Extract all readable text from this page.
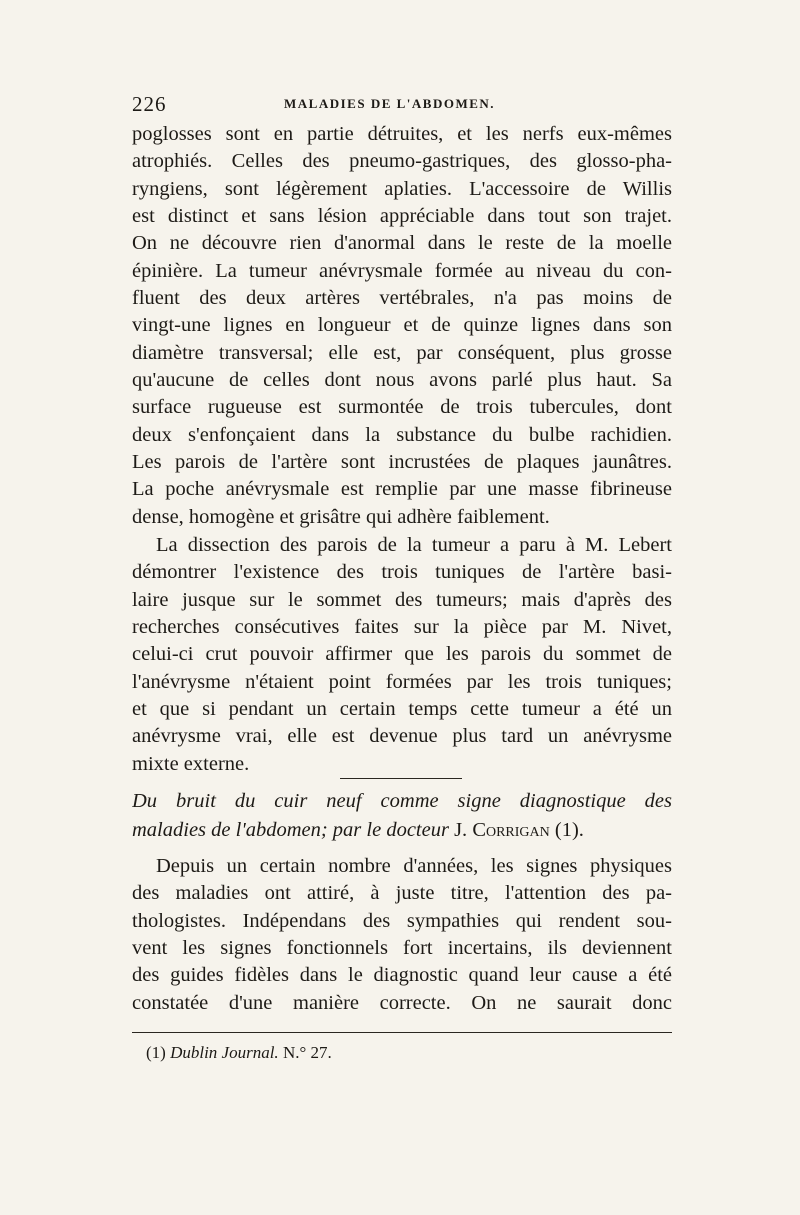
226	MALADIES DE L'ABDOMEN.
poglosses sont en partie détruites, et les nerfs eux-mêmes
atrophiés. Celles des pneumo-gastriques, des glosso-pha-
ryngiens, sont légèrement aplaties. L'accessoire de Willis
est distinct et sans lésion appréciable dans tout son trajet.
On ne découvre rien d'anormal dans le reste de la moelle
épinière. La tumeur anévrysmale formée au niveau du con-
fluent des deux artères vertébrales, n'a pas moins de
vingt-une lignes en longueur et de quinze lignes dans son
diamètre transversal; elle est, par conséquent, plus grosse
qu'aucune de celles dont nous avons parlé plus haut. Sa
surface rugueuse est surmontée de trois tubercules, dont
deux s'enfonçaient dans la substance du bulbe rachidien.
Les parois de l'artère sont incrustées de plaques jaunâtres.
La poche anévrysmale est remplie par une masse fibrineuse
dense, homogène et grisâtre qui adhère faiblement.
La dissection des parois de la tumeur a paru à M. Lebert
démontrer l'existence des trois tuniques de l'artère basi-
laire jusque sur le sommet des tumeurs; mais d'après des
recherches consécutives faites sur la pièce par M. Nivet,
celui-ci crut pouvoir affirmer que les parois du sommet de
l'anévrysme n'étaient point formées par les trois tuniques;
et que si pendant un certain temps cette tumeur a été un
anévrysme vrai, elle est devenue plus tard un anévrysme
mixte externe.
Du bruit du cuir neuf comme signe diagnostique des
maladies de l'abdomen; par le docteur J. Corrigan (1).
Depuis un certain nombre d'années, les signes physiques
des maladies ont attiré, à juste titre, l'attention des pa-
thologistes. Indépendans des sympathies qui rendent sou-
vent les signes fonctionnels fort incertains, ils deviennent
des guides fidèles dans le diagnostic quand leur cause a été
constatée d'une manière correcte. On ne saurait donc
(1) Dublin Journal. N.° 27.
